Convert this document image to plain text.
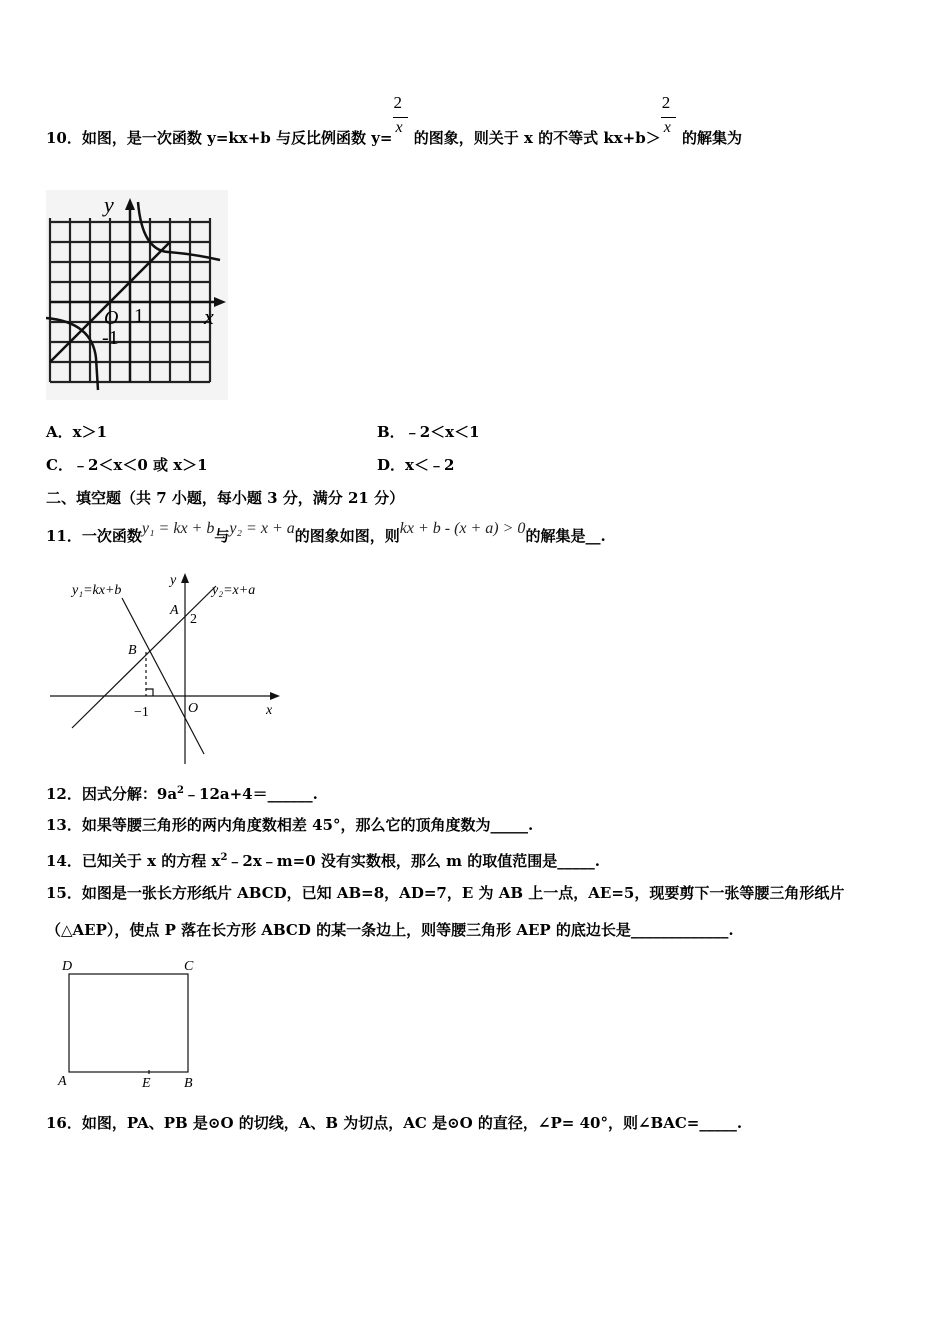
10．如图，是一次函数 y=kx+b 与反比例函数 $y= \frac{2}{x}$ 的图象，则关于 x 的不等式 $kx+b> \frac{2}{x}$ 的解集为
y
x
O 1
-1
A．x＞1	B．﹣2＜x＜1
C．﹣2＜x＜0 或 x＞1	D．x＜﹣2
二、填空题（共 7 小题，每小题 3 分，满分 21 分）
11．一次函数y₁ = kx + b与y₂ = x + a的图象如图，则kx + b - (x + a) > 0的解集是__.
y₁=kx+b	y₂=x+a
A
2
B
−1	O	x
y
12．因式分解：$9a^2﹣12a+4=\_\_\_\_\_\_$.
13．如果等腰三角形的两内角度数相差 45°，那么它的顶角度数为_____.
14．已知关于 x 的方程 $x^2﹣2x﹣m=0$ 没有实数根，那么 m 的取值范围是_____.
15．如图是一张长方形纸片 ABCD，已知 AB=8，AD=7，E 为 AB 上一点，AE=5，现要剪下一张等腰三角形纸片
（△AEP），使点 P 落在长方形 ABCD 的某一条边上，则等腰三角形 AEP 的底边长是_____________.
D	C
A	E B
16．如图，PA、PB 是⊙O 的切线，A、B 为切点，AC 是⊙O 的直径，∠P= 40°，则∠BAC=_____.
